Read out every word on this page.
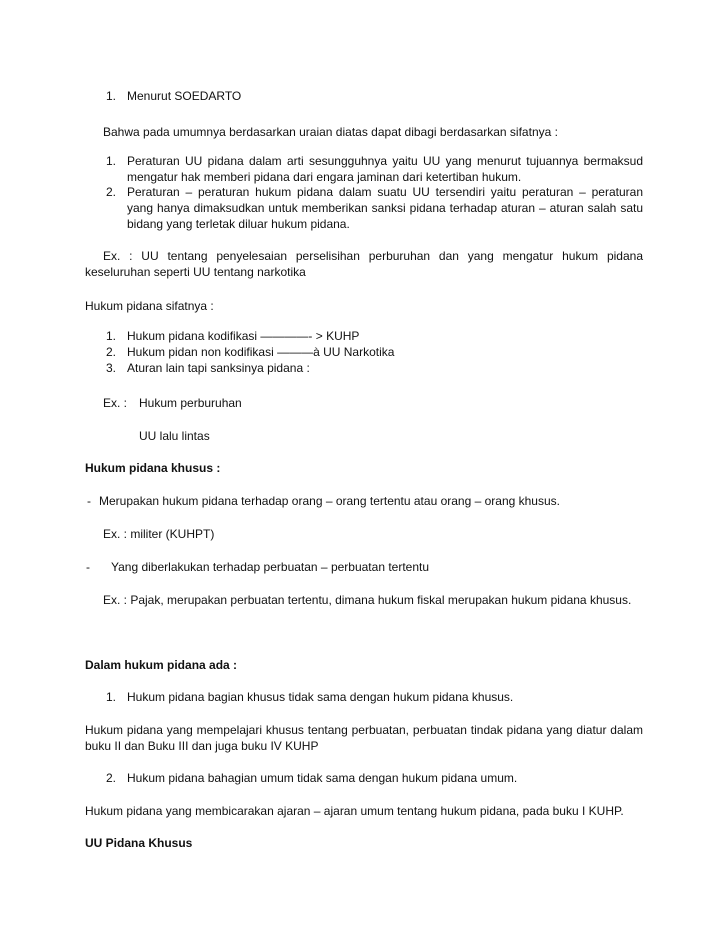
1. Menurut SOEDARTO
Bahwa pada umumnya berdasarkan uraian diatas dapat dibagi berdasarkan sifatnya :
1. Peraturan UU pidana dalam arti sesungguhnya yaitu UU yang menurut tujuannya bermaksud
mengatur hak memberi pidana dari engara jaminan dari ketertiban hukum.
2. Peraturan – peraturan hukum pidana dalam suatu UU tersendiri yaitu peraturan – peraturan
yang hanya dimaksudkan untuk memberikan sanksi pidana terhadap aturan – aturan salah satu
bidang yang terletak diluar hukum pidana.
Ex. : UU tentang penyelesaian perselisihan perburuhan dan yang mengatur hukum pidana
keseluruhan seperti UU tentang narkotika
Hukum pidana sifatnya :
1. Hukum pidana kodifikasi ————- > KUHP
2. Hukum pidan non kodifikasi ———à UU Narkotika
3. Aturan lain tapi sanksinya pidana :
Ex. : Hukum perburuhan
UU lalu lintas
Hukum pidana khusus :
- Merupakan hukum pidana terhadap orang – orang tertentu atau orang – orang khusus.
Ex. : militer (KUHPT)
- Yang diberlakukan terhadap perbuatan – perbuatan tertentu
Ex. : Pajak, merupakan perbuatan tertentu, dimana hukum fiskal merupakan hukum pidana khusus.
Dalam hukum pidana ada :
1. Hukum pidana bagian khusus tidak sama dengan hukum pidana khusus.
Hukum pidana yang mempelajari khusus tentang perbuatan, perbuatan tindak pidana yang diatur dalam
buku II dan Buku III dan juga buku IV KUHP
2. Hukum pidana bahagian umum tidak sama dengan hukum pidana umum.
Hukum pidana yang membicarakan ajaran – ajaran umum tentang hukum pidana, pada buku I KUHP.
UU Pidana Khusus
